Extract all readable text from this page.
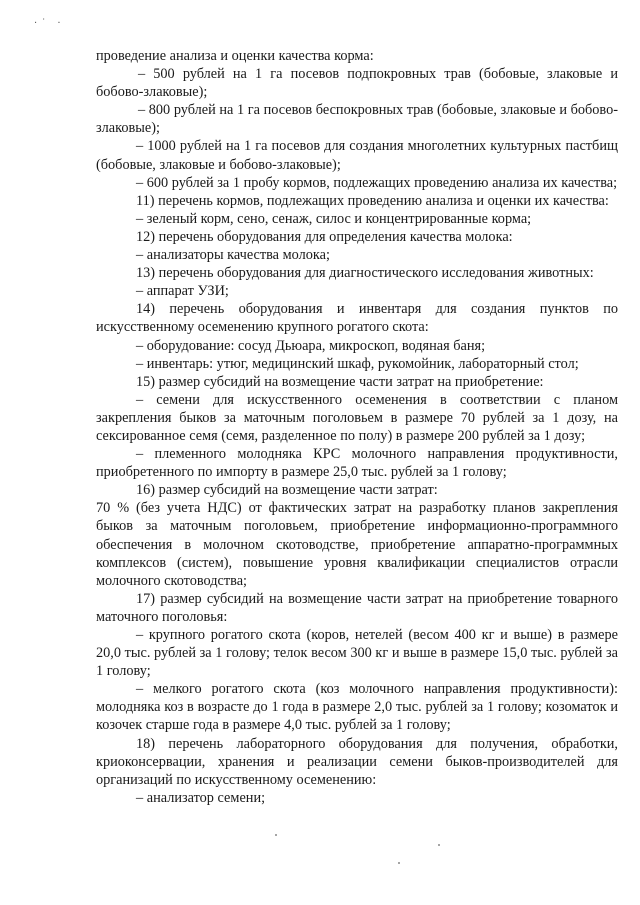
·˙ ·

проведение анализа и оценки качества корма:

– 500 рублей на 1 га посевов подпокровных трав (бобовые, злаковые и бобово-злаковые);

– 800 рублей на 1 га посевов беспокровных трав (бобовые, злаковые и бобово-злаковые);

– 1000 рублей на 1 га посевов для создания многолетних культурных пастбищ (бобовые, злаковые и бобово-злаковые);

– 600 рублей за 1 пробу кормов, подлежащих проведению анализа их качества;

11) перечень кормов, подлежащих проведению анализа и оценки их качества:

– зеленый корм, сено, сенаж, силос и концентрированные корма;

12) перечень оборудования для определения качества молока:

– анализаторы качества молока;

13) перечень оборудования для диагностического исследования животных:

– аппарат УЗИ;

14) перечень оборудования и инвентаря для создания пунктов по искусственному осеменению крупного рогатого скота:

– оборудование: сосуд Дьюара, микроскоп, водяная баня;

– инвентарь: утюг, медицинский шкаф, рукомойник, лабораторный стол;

15) размер субсидий на возмещение части затрат на приобретение:

– семени для искусственного осеменения в соответствии с планом закрепления быков за маточным поголовьем в размере 70 рублей за 1 дозу, на сексированное семя (семя, разделенное по полу) в размере 200 рублей за 1 дозу;

– племенного молодняка КРС молочного направления продуктивности, приобретенного по импорту в размере 25,0 тыс. рублей за 1 голову;

16) размер субсидий на возмещение части затрат:

70 % (без учета НДС) от фактических затрат на разработку планов закрепления быков за маточным поголовьем, приобретение информационно-программного обеспечения в молочном скотоводстве, приобретение аппаратно-программных комплексов (систем), повышение уровня квалификации специалистов отрасли молочного скотоводства;

17) размер субсидий на возмещение части затрат на приобретение товарного маточного поголовья:

– крупного рогатого скота (коров, нетелей (весом 400 кг и выше) в размере 20,0 тыс. рублей за 1 голову; телок весом 300 кг и выше в размере 15,0 тыс. рублей за 1 голову;

– мелкого рогатого скота (коз молочного направления продуктивности): молодняка коз в возрасте до 1 года в размере 2,0 тыс. рублей за 1 голову; козоматок и козочек старше года в размере 4,0 тыс. рублей за 1 голову;

18) перечень лабораторного оборудования для получения, обработки, криоконсервации, хранения и реализации семени быков-производителей для организаций по искусственному осеменению:

– анализатор семени;
